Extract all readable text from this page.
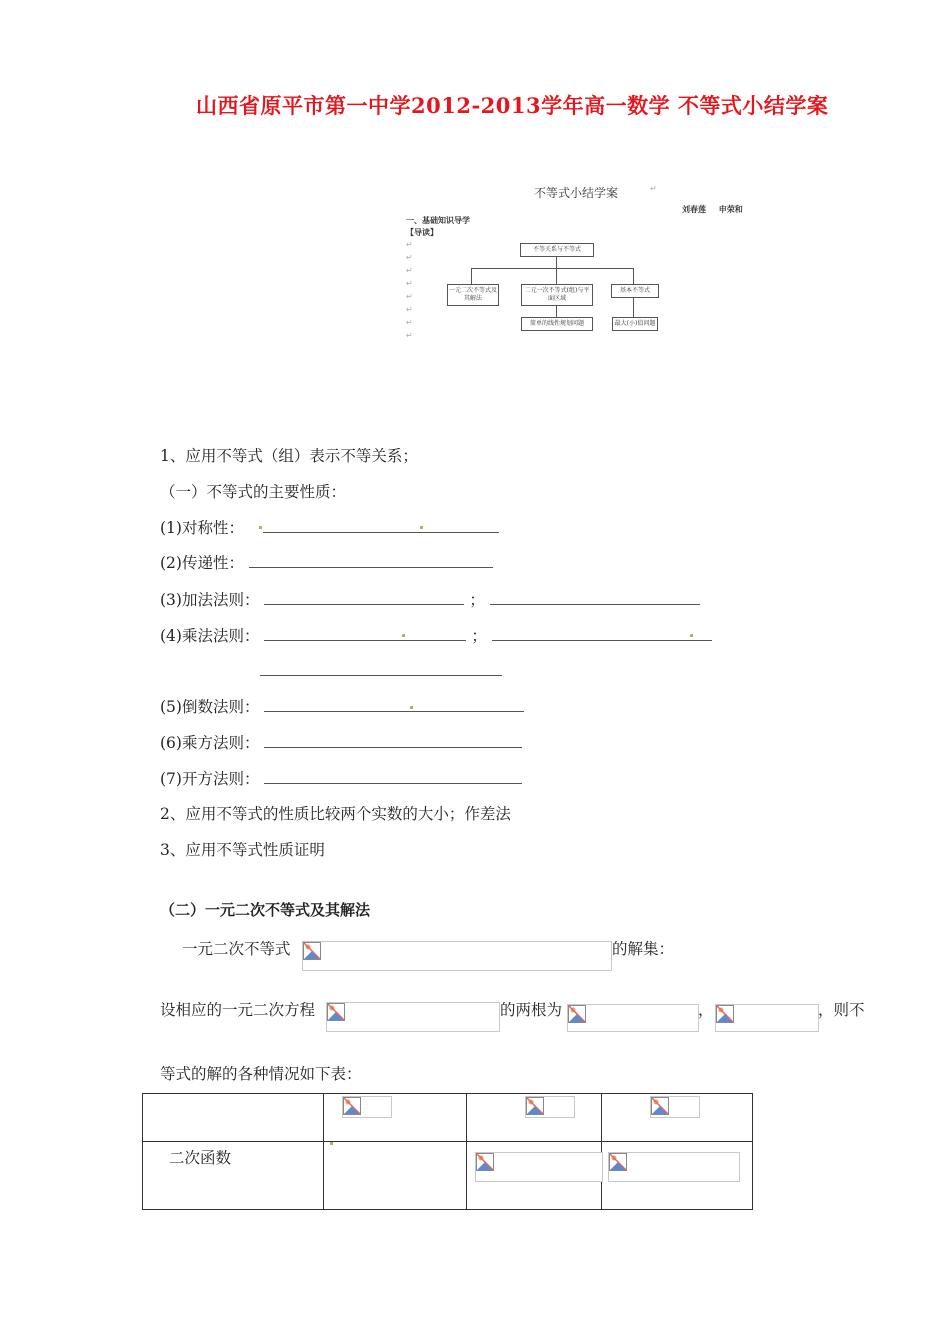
山西省原平市第一中学2012-2013学年高一数学 不等式小结学案
不等式小结学案	↵
刘春莲 申荣和
一、基础知识导学
【导读】
↵
↵
↵
↵
↵
↵
↵
↵
不等关系与不等式
一元二次不等式及其解法
二元一次不等式(组)与平面区域
基本不等式
简单的线性规划问题	最大(小)值问题
1、应用不等式（组）表示不等关系；
（一）不等式的主要性质：
(1)对称性：
(2)传递性：
(3)加法法则：	；
(4)乘法法则：	；
(5)倒数法则：
(6)乘方法则：
(7)开方法则：
2、应用不等式的性质比较两个实数的大小；作差法
3、应用不等式性质证明
（二）一元二次不等式及其解法
一元二次不等式	的解集：
设相应的一元二次方程	的两根为	，	，则不
等式的解的各种情况如下表：

二次函数
